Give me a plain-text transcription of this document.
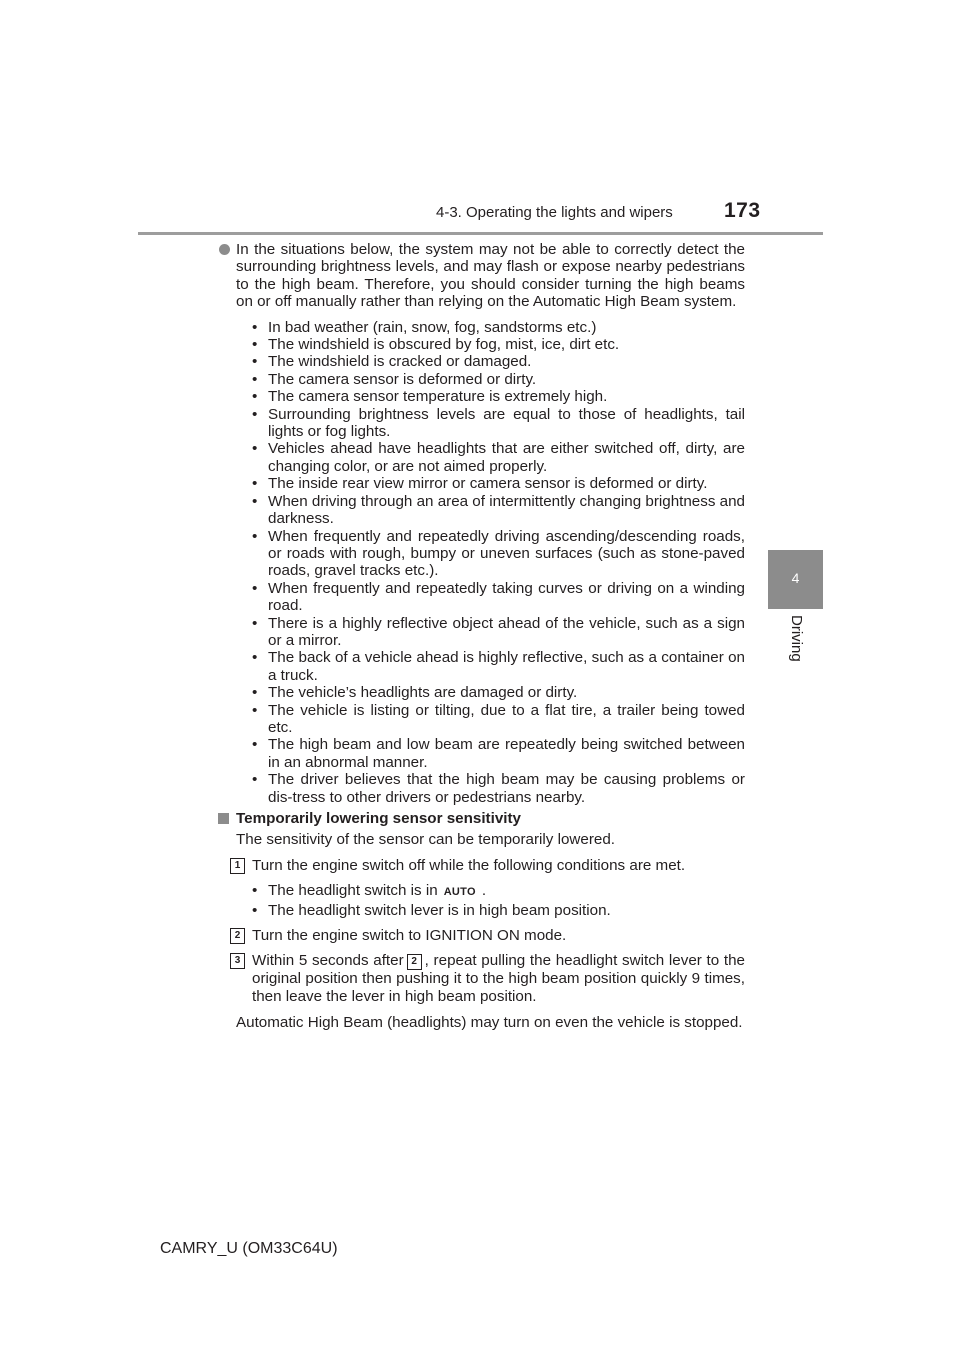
4-3. Operating the lights and wipers 173
4
Driving
In the situations below, the system may not be able to correctly detect the surrounding brightness levels, and may flash or expose nearby pedestrians to the high beam. Therefore, you should consider turning the high beams on or off manually rather than relying on the Automatic High Beam system.
• In bad weather (rain, snow, fog, sandstorms etc.)
• The windshield is obscured by fog, mist, ice, dirt etc.
• The windshield is cracked or damaged.
• The camera sensor is deformed or dirty.
• The camera sensor temperature is extremely high.
• Surrounding brightness levels are equal to those of headlights, tail lights or fog lights.
• Vehicles ahead have headlights that are either switched off, dirty, are changing color, or are not aimed properly.
• The inside rear view mirror or camera sensor is deformed or dirty.
• When driving through an area of intermittently changing brightness and darkness.
• When frequently and repeatedly driving ascending/descending roads, or roads with rough, bumpy or uneven surfaces (such as stone-paved roads, gravel tracks etc.).
• When frequently and repeatedly taking curves or driving on a winding road.
• There is a highly reflective object ahead of the vehicle, such as a sign or a mirror.
• The back of a vehicle ahead is highly reflective, such as a container on a truck.
• The vehicle’s headlights are damaged or dirty.
• The vehicle is listing or tilting, due to a flat tire, a trailer being towed etc.
• The high beam and low beam are repeatedly being switched between in an abnormal manner.
• The driver believes that the high beam may be causing problems or dis-tress to other drivers or pedestrians nearby.
Temporarily lowering sensor sensitivity
The sensitivity of the sensor can be temporarily lowered.
1 Turn the engine switch off while the following conditions are met.
• The headlight switch is in AUTO .
• The headlight switch lever is in high beam position.
2 Turn the engine switch to IGNITION ON mode.
3 Within 5 seconds after 2 , repeat pulling the headlight switch lever to the original position then pushing it to the high beam position quickly 9 times, then leave the lever in high beam position.
Automatic High Beam (headlights) may turn on even the vehicle is stopped.
CAMRY_U (OM33C64U)
